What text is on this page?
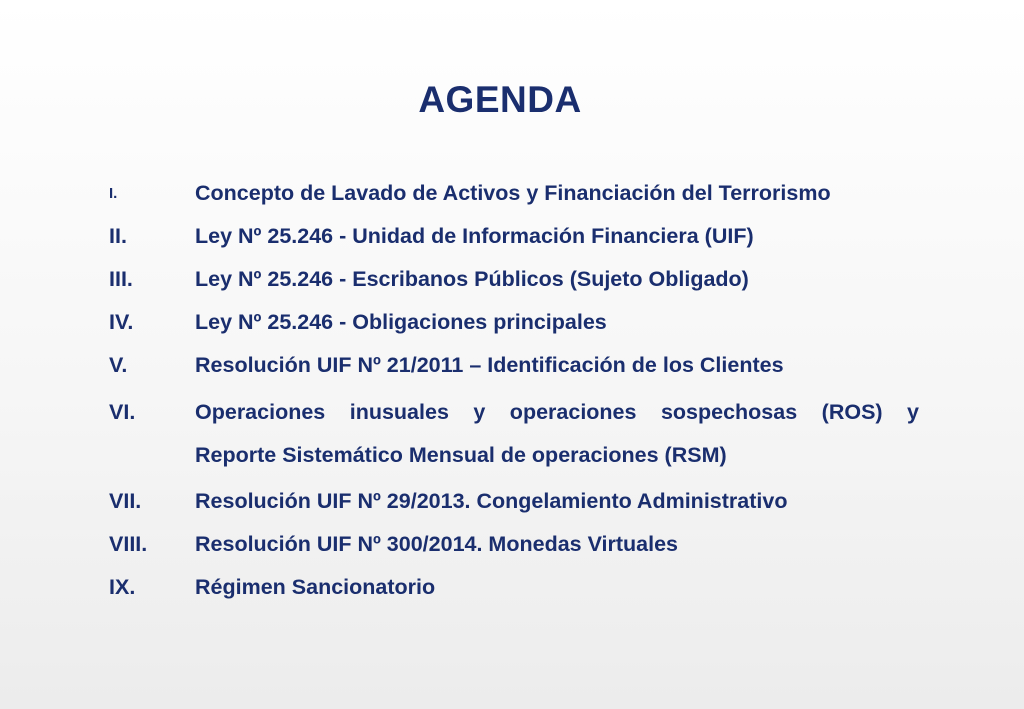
AGENDA
I.	Concepto de Lavado de Activos y Financiación del Terrorismo
II.	Ley Nº 25.246 - Unidad de Información Financiera (UIF)
III.	Ley Nº 25.246 - Escribanos Públicos (Sujeto Obligado)
IV.	Ley Nº 25.246 - Obligaciones principales
V.	Resolución UIF Nº 21/2011 – Identificación de los Clientes
VI.	Operaciones inusuales y operaciones sospechosas (ROS) y
Reporte Sistemático Mensual de operaciones (RSM)
VII.	Resolución UIF Nº 29/2013. Congelamiento Administrativo
VIII.	Resolución UIF Nº 300/2014. Monedas Virtuales
IX.	Régimen Sancionatorio
